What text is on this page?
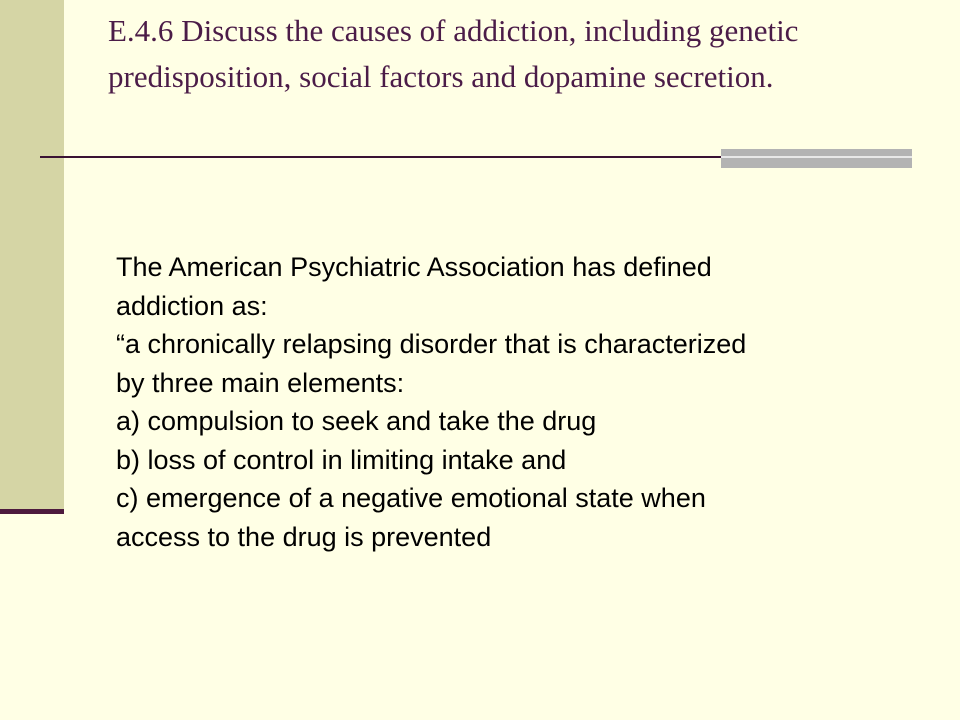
E.4.6 Discuss the causes of addiction, including genetic
predisposition, social factors and dopamine secretion.
The American Psychiatric Association has defined
addiction as:
“a chronically relapsing disorder that is characterized
by three main elements:
a) compulsion to seek and take the drug
b) loss of control in limiting intake and
c) emergence of a negative emotional state when
access to the drug is prevented
